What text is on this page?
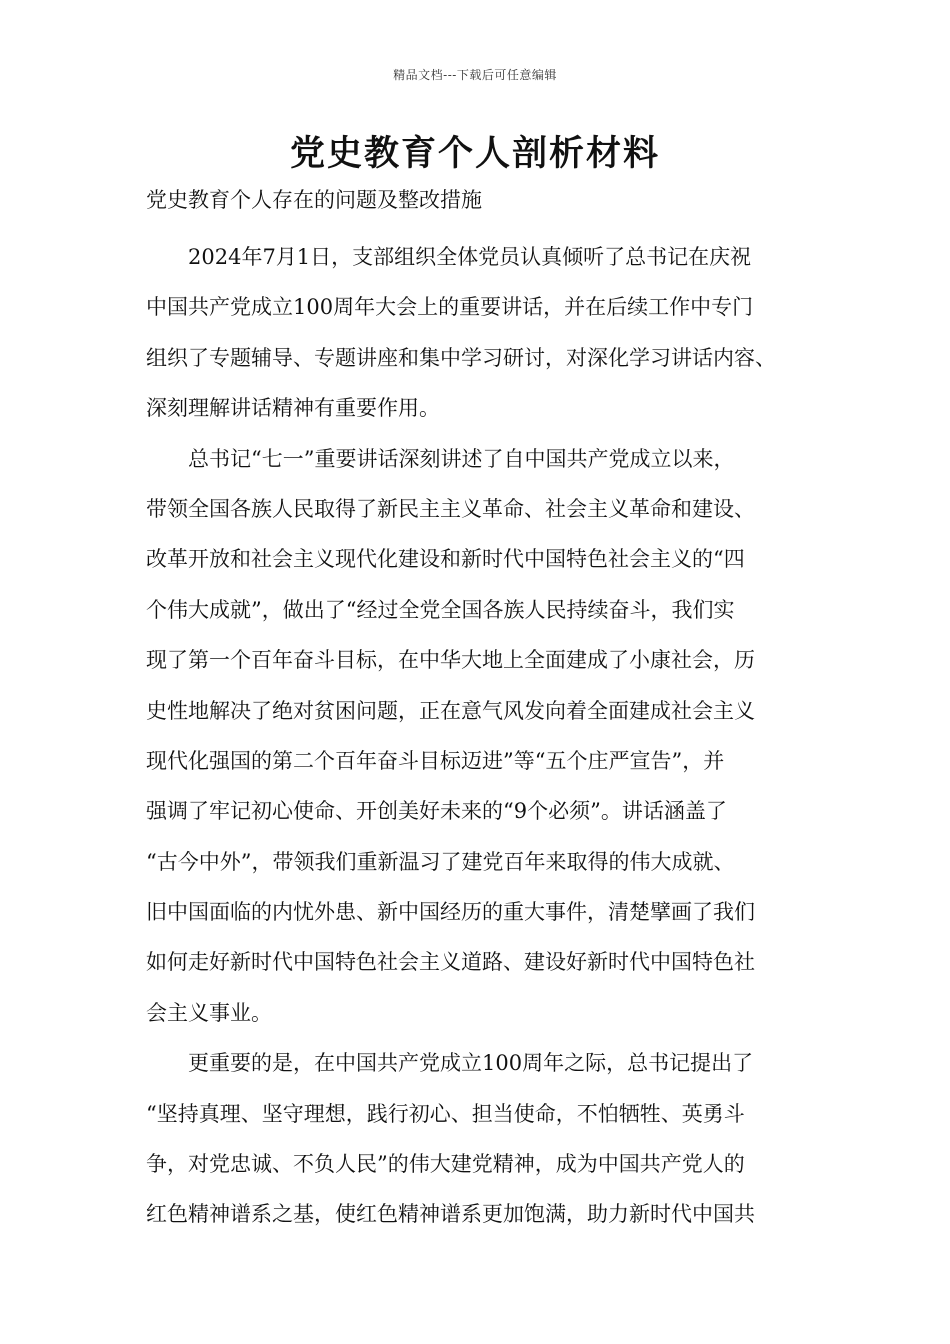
精品文档---下载后可任意编辑
党史教育个人剖析材料
党史教育个人存在的问题及整改措施
2024年7月1日，支部组织全体党员认真倾听了总书记在庆祝
中国共产党成立100周年大会上的重要讲话，并在后续工作中专门
组织了专题辅导、专题讲座和集中学习研讨，对深化学习讲话内容、
深刻理解讲话精神有重要作用。
总书记“七一”重要讲话深刻讲述了自中国共产党成立以来，
带领全国各族人民取得了新民主主义革命、社会主义革命和建设、
改革开放和社会主义现代化建设和新时代中国特色社会主义的“四
个伟大成就”，做出了“经过全党全国各族人民持续奋斗，我们实
现了第一个百年奋斗目标，在中华大地上全面建成了小康社会，历
史性地解决了绝对贫困问题，正在意气风发向着全面建成社会主义
现代化强国的第二个百年奋斗目标迈进”等“五个庄严宣告”，并
强调了牢记初心使命、开创美好未来的“9个必须”。讲话涵盖了
“古今中外”，带领我们重新温习了建党百年来取得的伟大成就、
旧中国面临的内忧外患、新中国经历的重大事件，清楚擘画了我们
如何走好新时代中国特色社会主义道路、建设好新时代中国特色社
会主义事业。
更重要的是，在中国共产党成立100周年之际，总书记提出了
“坚持真理、坚守理想，践行初心、担当使命，不怕牺牲、英勇斗
争，对党忠诚、不负人民”的伟大建党精神，成为中国共产党人的
红色精神谱系之基，使红色精神谱系更加饱满，助力新时代中国共
